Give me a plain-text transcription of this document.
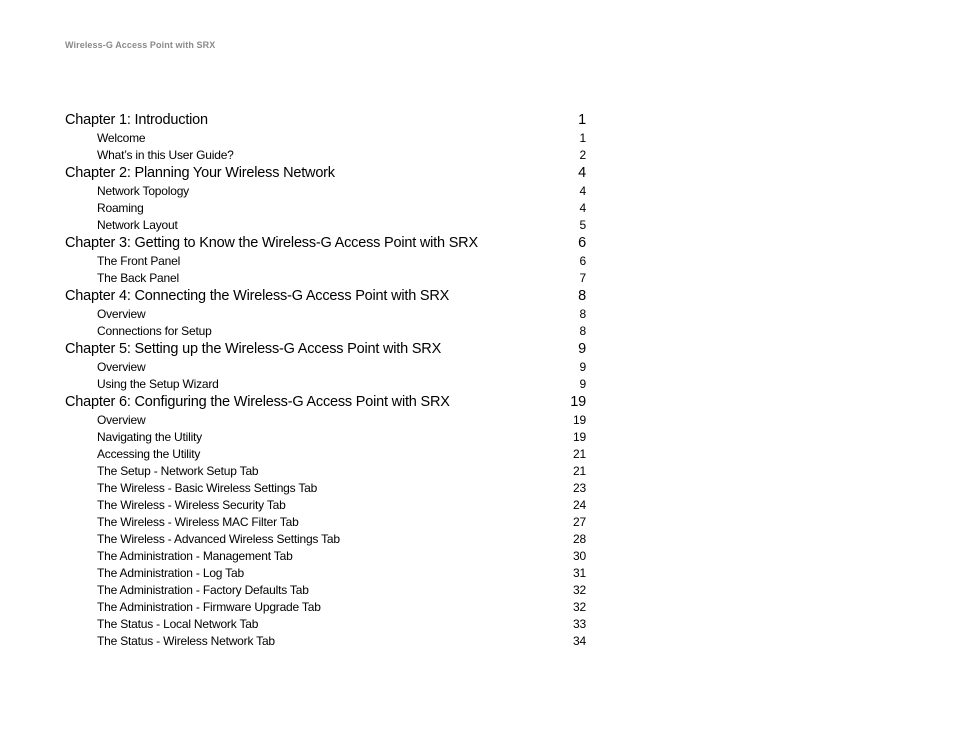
Wireless-G Access Point with SRX
Chapter 1: Introduction	1
Welcome	1
What’s in this User Guide?	2
Chapter 2: Planning Your Wireless Network	4
Network Topology	4
Roaming	4
Network Layout	5
Chapter 3: Getting to Know the Wireless-G Access Point with SRX	6
The Front Panel	6
The Back Panel	7
Chapter 4: Connecting the Wireless-G Access Point with SRX	8
Overview	8
Connections for Setup	8
Chapter 5: Setting up the Wireless-G Access Point with SRX	9
Overview	9
Using the Setup Wizard	9
Chapter 6: Configuring the Wireless-G Access Point with SRX	19
Overview	19
Navigating the Utility	19
Accessing the Utility	21
The Setup - Network Setup Tab	21
The Wireless - Basic Wireless Settings Tab	23
The Wireless - Wireless Security Tab	24
The Wireless - Wireless MAC Filter Tab	27
The Wireless - Advanced Wireless Settings Tab	28
The Administration - Management Tab	30
The Administration - Log Tab	31
The Administration - Factory Defaults Tab	32
The Administration - Firmware Upgrade Tab	32
The Status - Local Network Tab	33
The Status - Wireless Network Tab	34
